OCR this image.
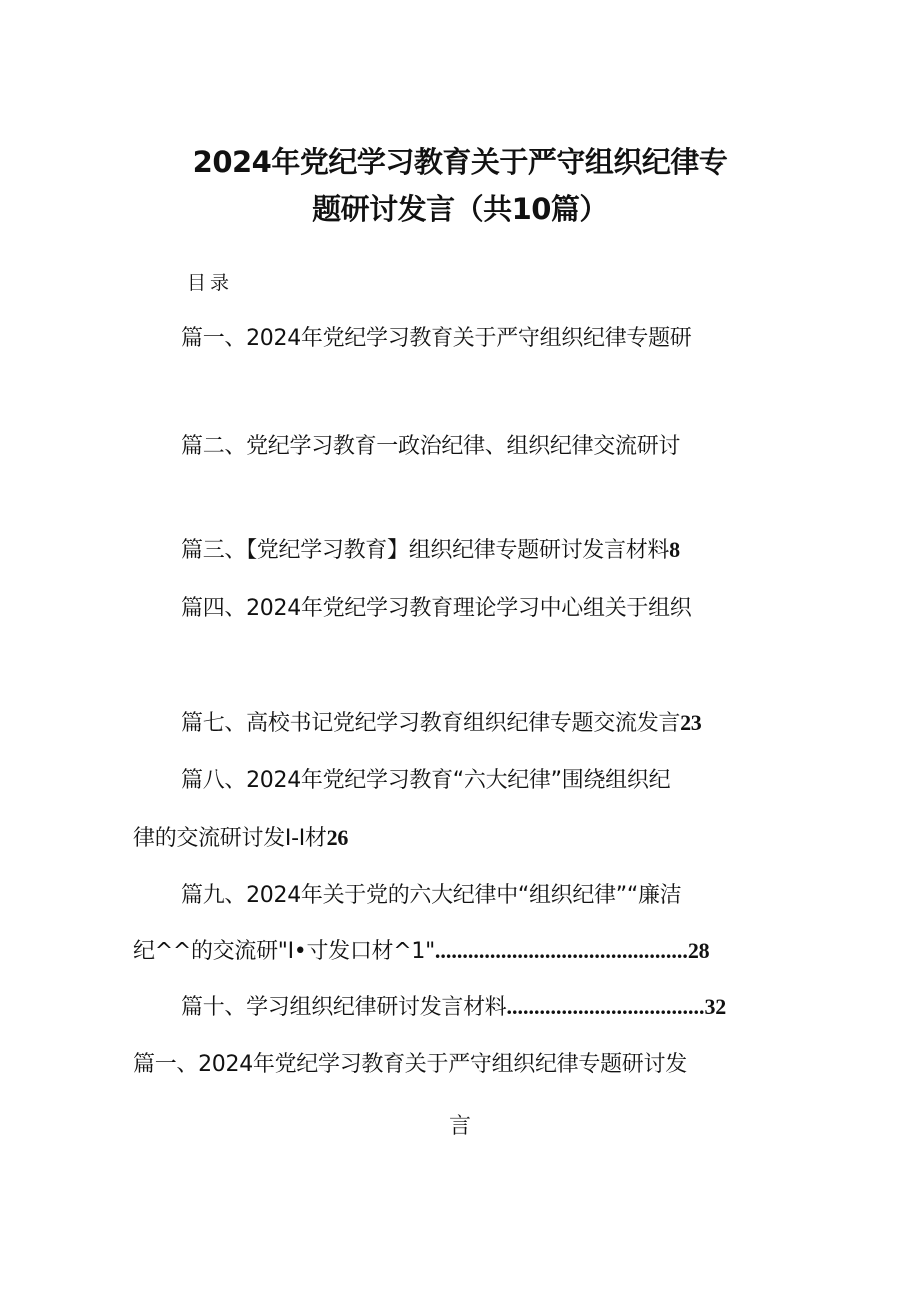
2024年党纪学习教育关于严守组织纪律专
题研讨发言（共10篇）
目录
篇一、2024年党纪学习教育关于严守组织纪律专题研
篇二、党纪学习教育一政治纪律、组织纪律交流研讨
篇三、【党纪学习教育】组织纪律专题研讨发言材料8
篇四、2024年党纪学习教育理论学习中心组关于组织
篇七、高校书记党纪学习教育组织纪律专题交流发言23
篇八、2024年党纪学习教育“六大纪律”围绕组织纪
律的交流研讨发I-I材26
篇九、2024年关于党的六大纪律中“组织纪律”“廉洁
纪^^的交流研"I•寸发口材^1"..............................................28
篇十、学习组织纪律研讨发言材料....................................32
篇一、2024年党纪学习教育关于严守组织纪律专题研讨发
言
